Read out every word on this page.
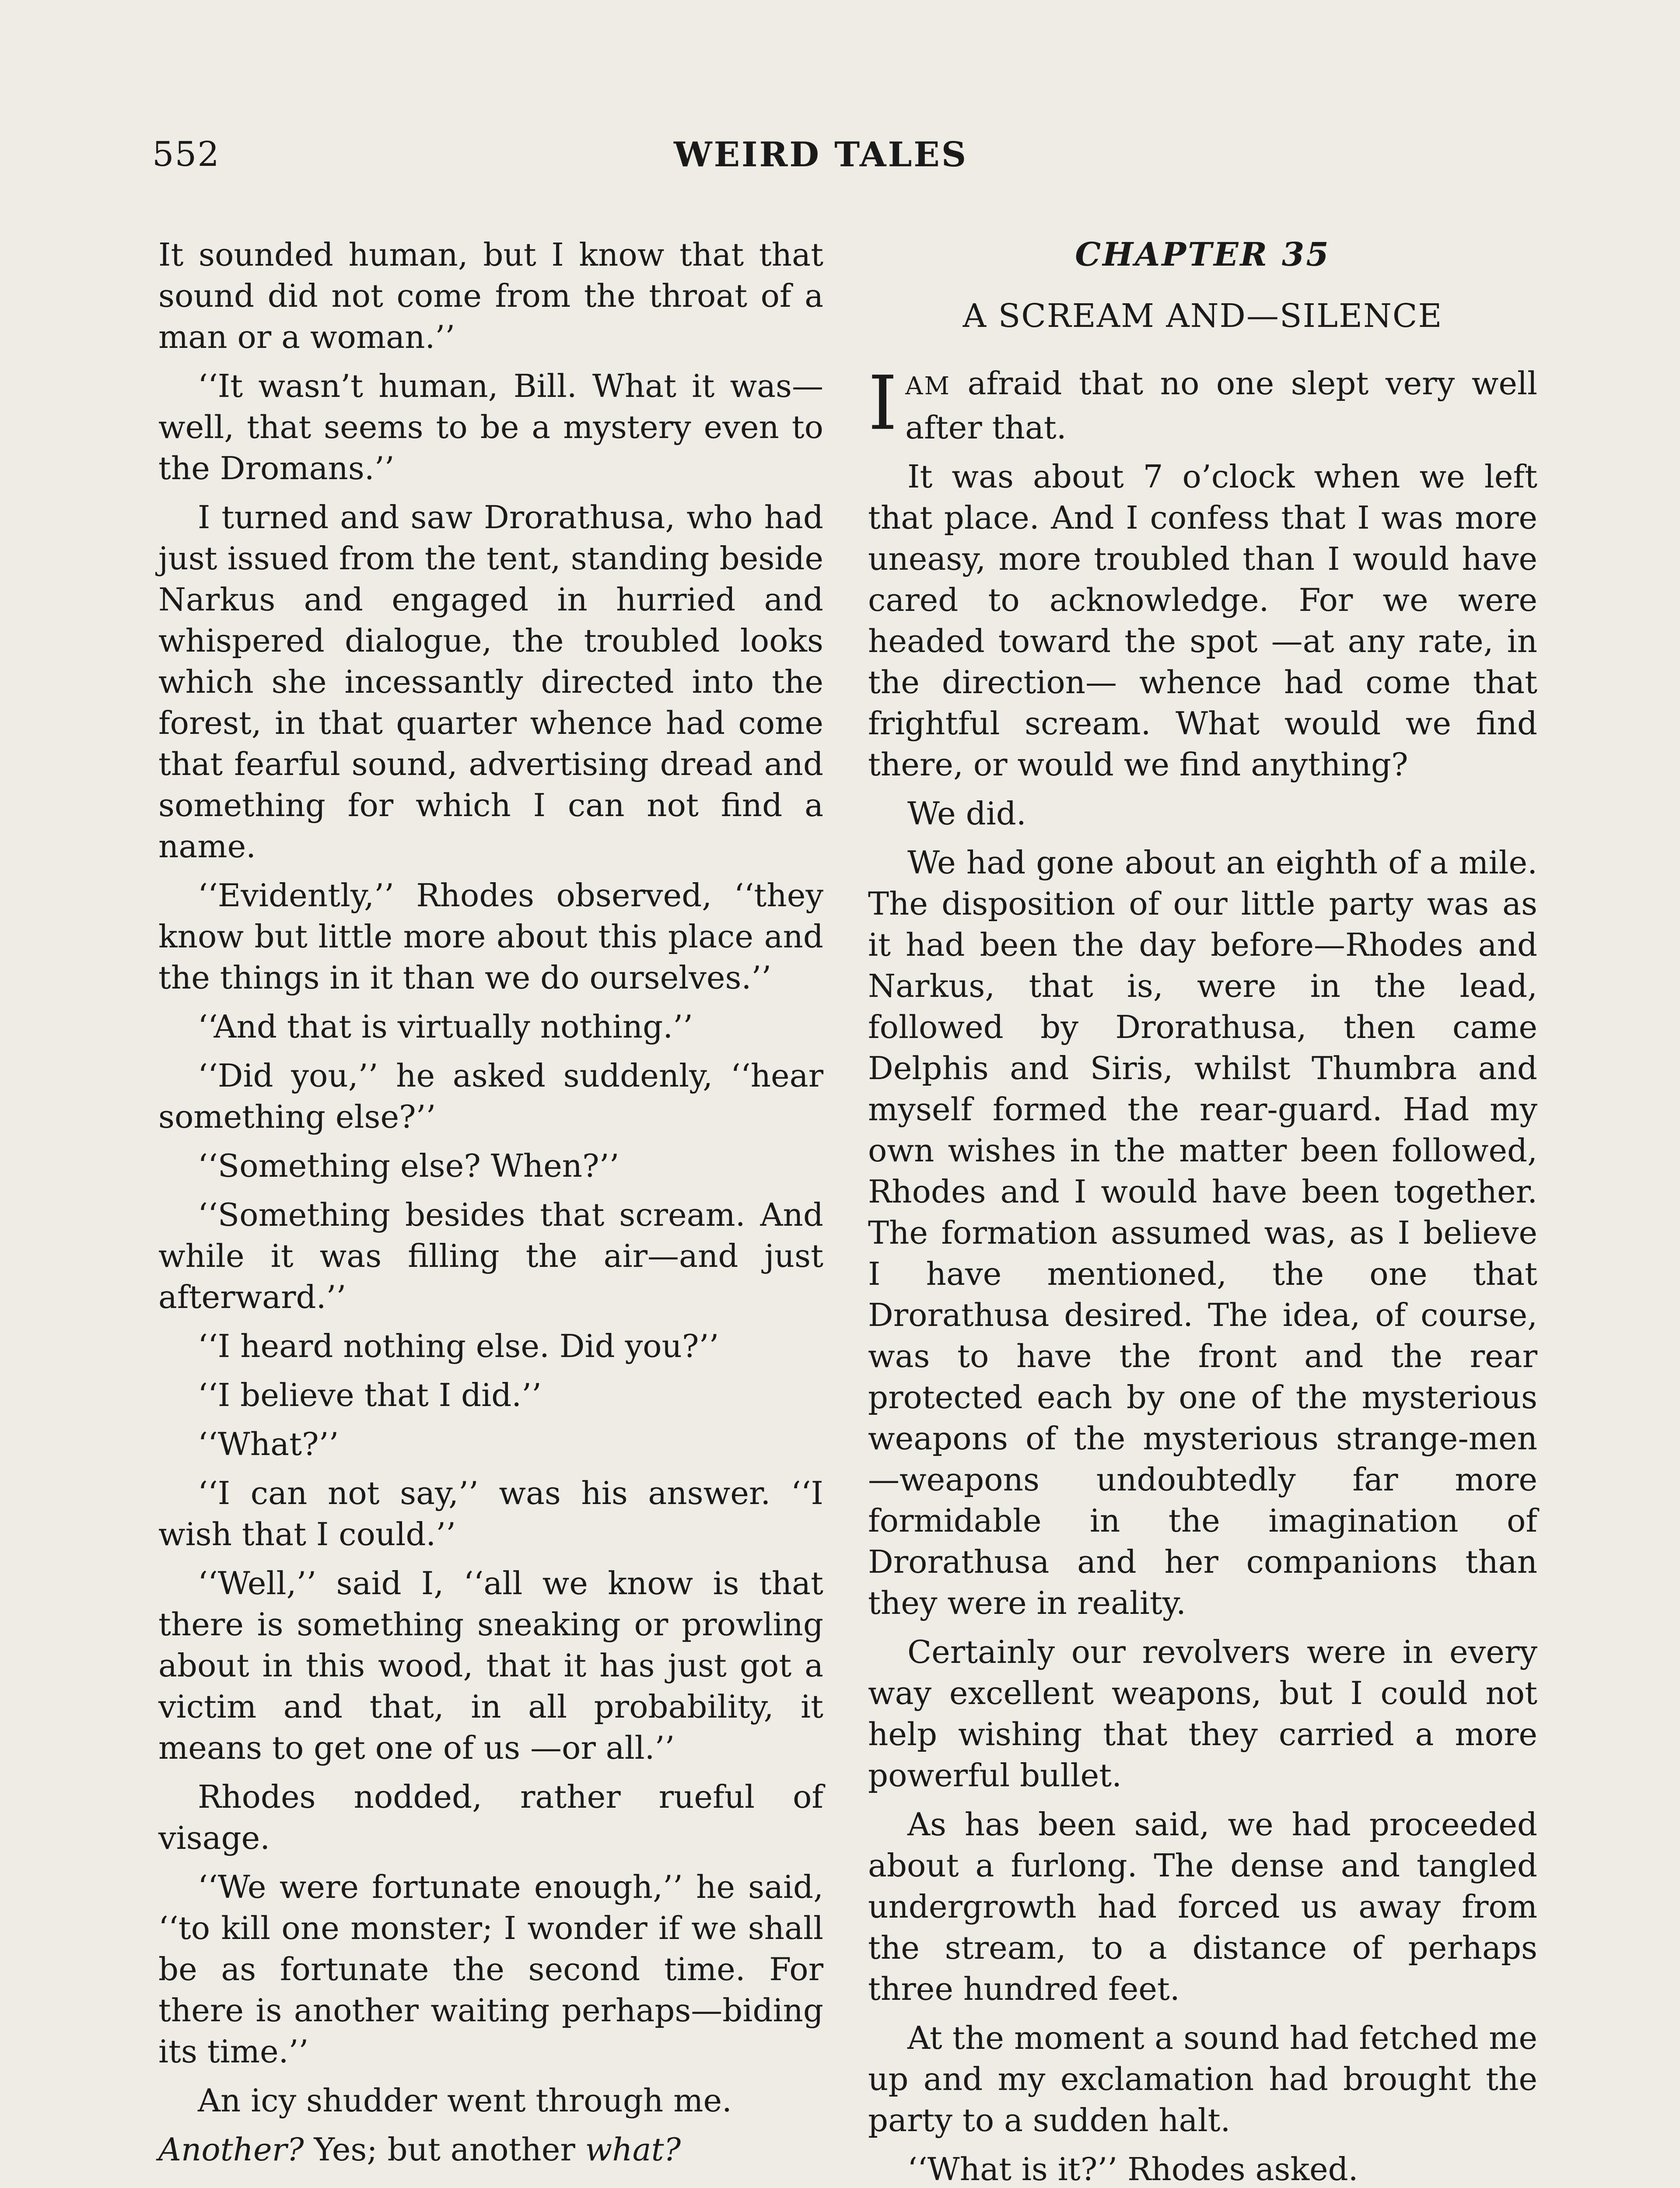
552	WEIRD TALES

It sounded human, but I know that that sound did not come from the throat of a man or a woman.’’

‘‘It wasn’t human, Bill. What it was—well, that seems to be a mystery even to the Dromans.’’

I turned and saw Drorathusa, who had just issued from the tent, standing beside Narkus and engaged in hurried and whispered dialogue, the troubled looks which she incessantly directed into the forest, in that quarter whence had come that fearful sound, advertising dread and something for which I can not find a name.

‘‘Evidently,’’ Rhodes observed, ‘‘they know but little more about this place and the things in it than we do ourselves.’’

‘‘And that is virtually nothing.’’

‘‘Did you,’’ he asked suddenly, ‘‘hear something else?’’

‘‘Something else? When?’’

‘‘Something besides that scream. And while it was filling the air—and just afterward.’’

‘‘I heard nothing else. Did you?’’

‘‘I believe that I did.’’

‘‘What?’’

‘‘I can not say,’’ was his answer. ‘‘I wish that I could.’’

‘‘Well,’’ said I, ‘‘all we know is that there is something sneaking or prowling about in this wood, that it has just got a victim and that, in all probability, it means to get one of us —or all.’’

Rhodes nodded, rather rueful of visage.

‘‘We were fortunate enough,’’ he said, ‘‘to kill one monster; I wonder if we shall be as fortunate the second time. For there is another waiting perhaps—biding its time.’’

An icy shudder went through me.

Another? Yes; but another what?

CHAPTER 35
A SCREAM AND—SILENCE

IAM afraid that no one slept very well after that.

It was about 7 o’clock when we left that place. And I confess that I was more uneasy, more troubled than I would have cared to acknowledge. For we were headed toward the spot —at any rate, in the direction— whence had come that frightful scream. What would we find there, or would we find anything?

We did.

We had gone about an eighth of a mile. The disposition of our little party was as it had been the day before—Rhodes and Narkus, that is, were in the lead, followed by Drorathusa, then came Delphis and Siris, whilst Thumbra and myself formed the rear-guard. Had my own wishes in the matter been followed, Rhodes and I would have been together. The formation assumed was, as I believe I have mentioned, the one that Drorathusa desired. The idea, of course, was to have the front and the rear protected each by one of the mysterious weapons of the mysterious strange-men—weapons undoubtedly far more formidable in the imagination of Drorathusa and her companions than they were in reality.

Certainly our revolvers were in every way excellent weapons, but I could not help wishing that they carried a more powerful bullet.

As has been said, we had proceeded about a furlong. The dense and tangled undergrowth had forced us away from the stream, to a distance of perhaps three hundred feet.

At the moment a sound had fetched me up and my exclamation had brought the party to a sudden halt.

‘‘What is it?’’ Rhodes asked.
